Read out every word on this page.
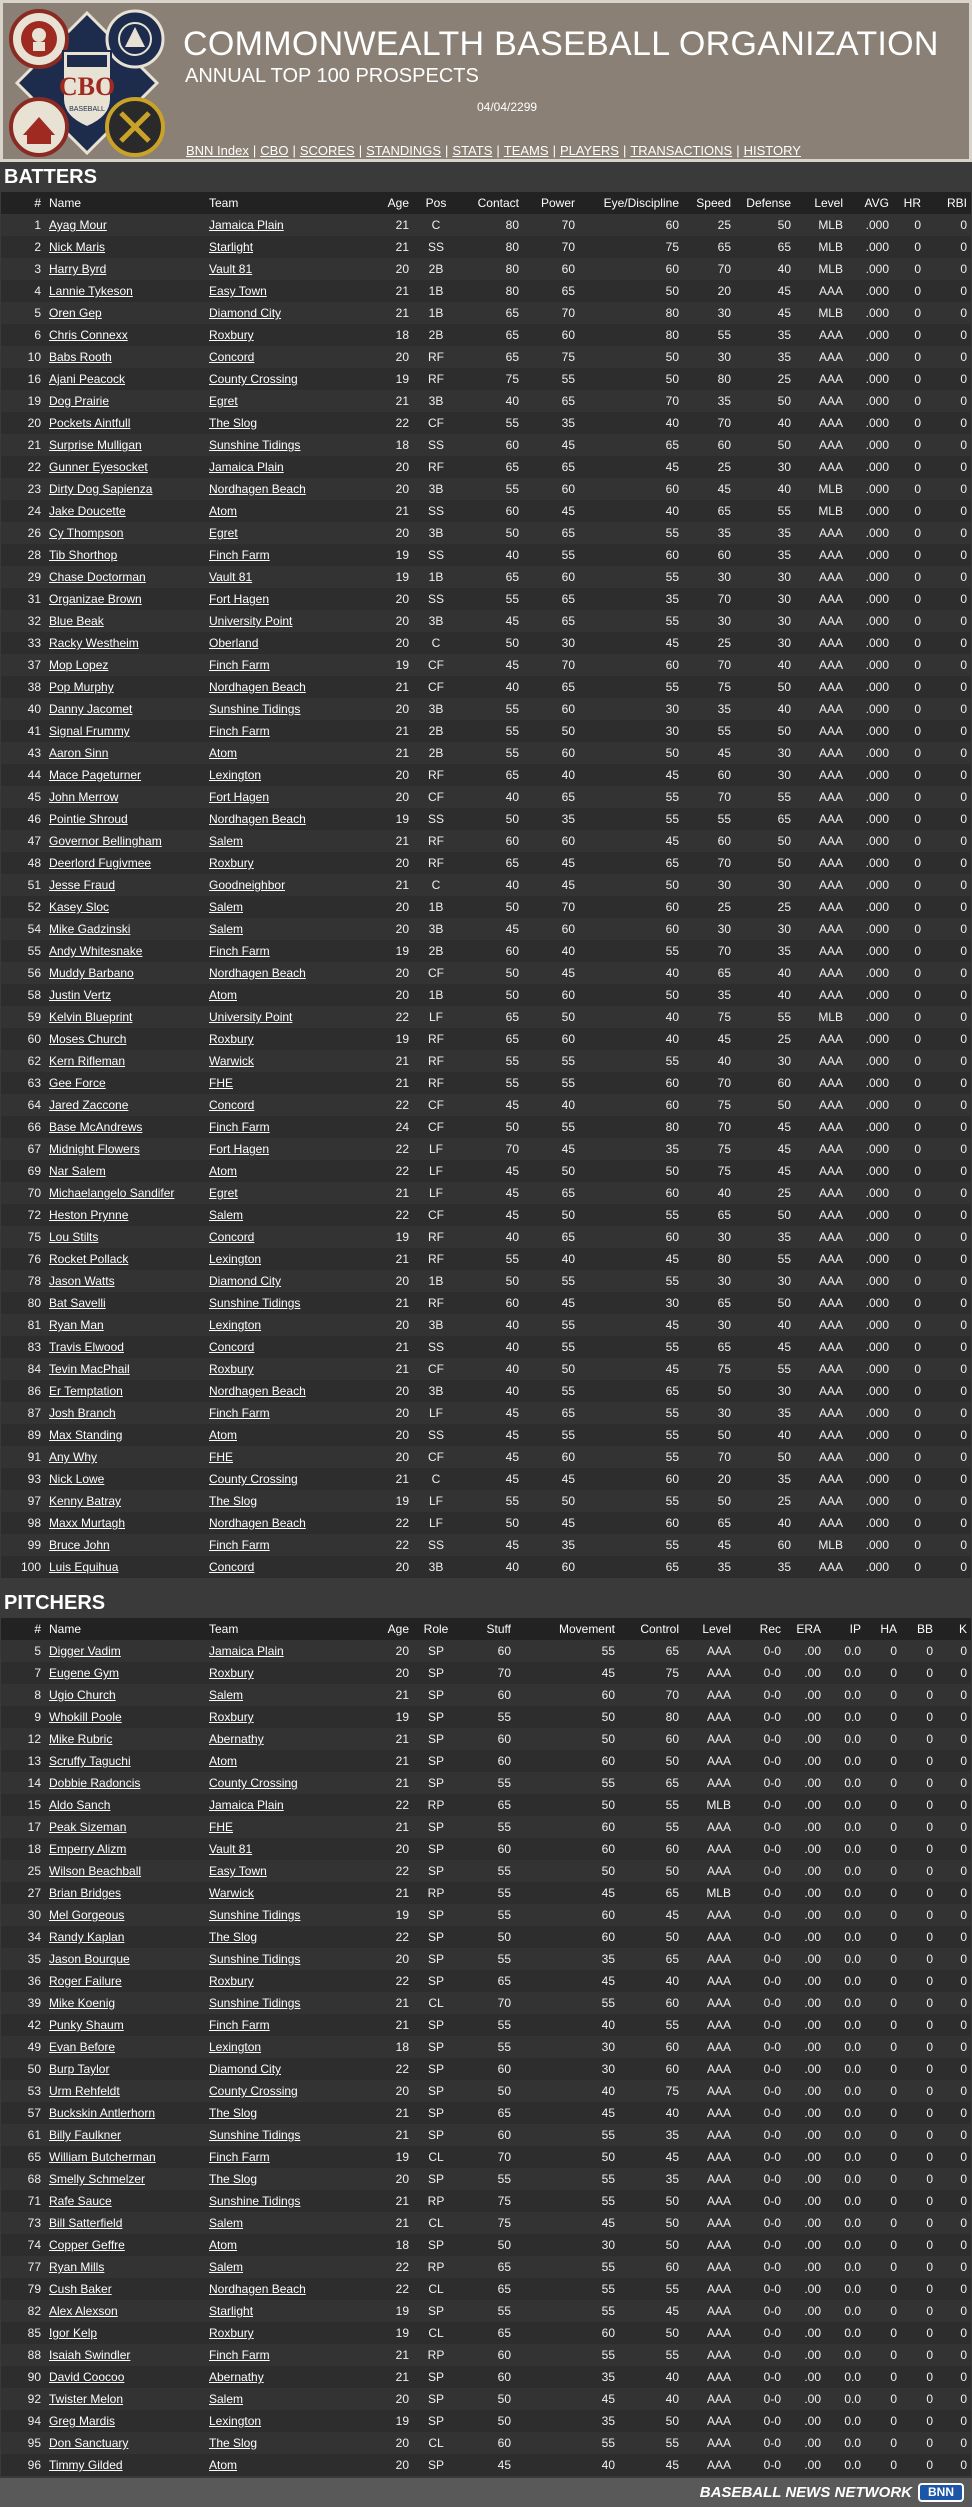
CBO
BASEBALL
COMMONWEALTH BASEBALL ORGANIZATION
ANNUAL TOP 100 PROSPECTS
04/04/2299
BNN Index | CBO | SCORES | STANDINGS | STATS | TEAMS | PLAYERS | TRANSACTIONS | HISTORY
BATTERS
#	Name	Team	Age	Pos	Contact	Power	Eye/Discipline	Speed	Defense	Level	AVG	HR	RBI
1	Ayag Mour	Jamaica Plain	21	C	80	70	60	25	50	MLB	.000	0	0
2	Nick Maris	Starlight	21	SS	80	70	75	65	65	MLB	.000	0	0
3	Harry Byrd	Vault 81	20	2B	80	60	60	70	40	MLB	.000	0	0
4	Lannie Tykeson	Easy Town	21	1B	80	65	50	20	45	AAA	.000	0	0
5	Oren Gep	Diamond City	21	1B	65	70	80	30	45	MLB	.000	0	0
6	Chris Connexx	Roxbury	18	2B	65	60	80	55	35	AAA	.000	0	0
10	Babs Rooth	Concord	20	RF	65	75	50	30	35	AAA	.000	0	0
16	Ajani Peacock	County Crossing	19	RF	75	55	50	80	25	AAA	.000	0	0
19	Dog Prairie	Egret	21	3B	40	65	70	35	50	AAA	.000	0	0
20	Pockets Aintfull	The Slog	22	CF	55	35	40	70	40	AAA	.000	0	0
21	Surprise Mulligan	Sunshine Tidings	18	SS	60	45	65	60	50	AAA	.000	0	0
22	Gunner Eyesocket	Jamaica Plain	20	RF	65	65	45	25	30	AAA	.000	0	0
23	Dirty Dog Sapienza	Nordhagen Beach	20	3B	55	60	60	45	40	MLB	.000	0	0
24	Jake Doucette	Atom	21	SS	60	45	40	65	55	MLB	.000	0	0
26	Cy Thompson	Egret	20	3B	50	65	55	35	35	AAA	.000	0	0
28	Tib Shorthop	Finch Farm	19	SS	40	55	60	60	35	AAA	.000	0	0
29	Chase Doctorman	Vault 81	19	1B	65	60	55	30	30	AAA	.000	0	0
31	Organizae Brown	Fort Hagen	20	SS	55	65	35	70	30	AAA	.000	0	0
32	Blue Beak	University Point	20	3B	45	65	55	30	30	AAA	.000	0	0
33	Racky Westheim	Oberland	20	C	50	30	45	25	30	AAA	.000	0	0
37	Mop Lopez	Finch Farm	19	CF	45	70	60	70	40	AAA	.000	0	0
38	Pop Murphy	Nordhagen Beach	21	CF	40	65	55	75	50	AAA	.000	0	0
40	Danny Jacomet	Sunshine Tidings	20	3B	55	60	30	35	40	AAA	.000	0	0
41	Signal Frummy	Finch Farm	21	2B	55	50	30	55	50	AAA	.000	0	0
43	Aaron Sinn	Atom	21	2B	55	60	50	45	30	AAA	.000	0	0
44	Mace Pageturner	Lexington	20	RF	65	40	45	60	30	AAA	.000	0	0
45	John Merrow	Fort Hagen	20	CF	40	65	55	70	55	AAA	.000	0	0
46	Pointie Shroud	Nordhagen Beach	19	SS	50	35	55	55	65	AAA	.000	0	0
47	Governor Bellingham	Salem	21	RF	60	60	45	60	50	AAA	.000	0	0
48	Deerlord Fugivmee	Roxbury	20	RF	65	45	65	70	50	AAA	.000	0	0
51	Jesse Fraud	Goodneighbor	21	C	40	45	50	30	30	AAA	.000	0	0
52	Kasey Sloc	Salem	20	1B	50	70	60	25	25	AAA	.000	0	0
54	Mike Gadzinski	Salem	20	3B	45	60	60	30	30	AAA	.000	0	0
55	Andy Whitesnake	Finch Farm	19	2B	60	40	55	70	35	AAA	.000	0	0
56	Muddy Barbano	Nordhagen Beach	20	CF	50	45	40	65	40	AAA	.000	0	0
58	Justin Vertz	Atom	20	1B	50	60	50	35	40	AAA	.000	0	0
59	Kelvin Blueprint	University Point	22	LF	65	50	40	75	55	MLB	.000	0	0
60	Moses Church	Roxbury	19	RF	65	60	40	45	25	AAA	.000	0	0
62	Kern Rifleman	Warwick	21	RF	55	55	55	40	30	AAA	.000	0	0
63	Gee Force	FHE	21	RF	55	55	60	70	60	AAA	.000	0	0
64	Jared Zaccone	Concord	22	CF	45	40	60	75	50	AAA	.000	0	0
66	Base McAndrews	Finch Farm	24	CF	50	55	80	70	45	AAA	.000	0	0
67	Midnight Flowers	Fort Hagen	22	LF	70	45	35	75	45	AAA	.000	0	0
69	Nar Salem	Atom	22	LF	45	50	50	75	45	AAA	.000	0	0
70	Michaelangelo Sandifer	Egret	21	LF	45	65	60	40	25	AAA	.000	0	0
72	Heston Prynne	Salem	22	CF	45	50	55	65	50	AAA	.000	0	0
75	Lou Stilts	Concord	19	RF	40	65	60	30	35	AAA	.000	0	0
76	Rocket Pollack	Lexington	21	RF	55	40	45	80	55	AAA	.000	0	0
78	Jason Watts	Diamond City	20	1B	50	55	55	30	30	AAA	.000	0	0
80	Bat Savelli	Sunshine Tidings	21	RF	60	45	30	65	50	AAA	.000	0	0
81	Ryan Man	Lexington	20	3B	40	55	45	30	40	AAA	.000	0	0
83	Travis Elwood	Concord	21	SS	40	55	55	65	45	AAA	.000	0	0
84	Tevin MacPhail	Roxbury	21	CF	40	50	45	75	55	AAA	.000	0	0
86	Er Temptation	Nordhagen Beach	20	3B	40	55	65	50	30	AAA	.000	0	0
87	Josh Branch	Finch Farm	20	LF	45	65	55	30	35	AAA	.000	0	0
89	Max Standing	Atom	20	SS	45	55	55	50	40	AAA	.000	0	0
91	Any Why	FHE	20	CF	45	60	55	70	50	AAA	.000	0	0
93	Nick Lowe	County Crossing	21	C	45	45	60	20	35	AAA	.000	0	0
97	Kenny Batray	The Slog	19	LF	55	50	55	50	25	AAA	.000	0	0
98	Maxx Murtagh	Nordhagen Beach	22	LF	50	45	60	65	40	AAA	.000	0	0
99	Bruce John	Finch Farm	22	SS	45	35	55	45	60	MLB	.000	0	0
100	Luis Equihua	Concord	20	3B	40	60	65	35	35	AAA	.000	0	0
PITCHERS
#	Name	Team	Age	Role	Stuff	Movement	Control	Level	Rec	ERA	IP	HA	BB	K
5	Digger Vadim	Jamaica Plain	20	SP	60	55	65	AAA	0-0	.00	0.0	0	0	0
7	Eugene Gym	Roxbury	20	SP	70	45	75	AAA	0-0	.00	0.0	0	0	0
8	Ugio Church	Salem	21	SP	60	60	70	AAA	0-0	.00	0.0	0	0	0
9	Whokill Poole	Roxbury	19	SP	55	50	80	AAA	0-0	.00	0.0	0	0	0
12	Mike Rubric	Abernathy	21	SP	60	50	60	AAA	0-0	.00	0.0	0	0	0
13	Scruffy Taguchi	Atom	21	SP	60	60	50	AAA	0-0	.00	0.0	0	0	0
14	Dobbie Radoncis	County Crossing	21	SP	55	55	65	AAA	0-0	.00	0.0	0	0	0
15	Aldo Sanch	Jamaica Plain	22	RP	65	50	55	MLB	0-0	.00	0.0	0	0	0
17	Peak Sizeman	FHE	21	SP	55	60	55	AAA	0-0	.00	0.0	0	0	0
18	Emperry Alizm	Vault 81	20	SP	60	60	60	AAA	0-0	.00	0.0	0	0	0
25	Wilson Beachball	Easy Town	22	SP	55	50	50	AAA	0-0	.00	0.0	0	0	0
27	Brian Bridges	Warwick	21	RP	55	45	65	MLB	0-0	.00	0.0	0	0	0
30	Mel Gorgeous	Sunshine Tidings	19	SP	55	60	45	AAA	0-0	.00	0.0	0	0	0
34	Randy Kaplan	The Slog	22	SP	50	60	50	AAA	0-0	.00	0.0	0	0	0
35	Jason Bourque	Sunshine Tidings	20	SP	55	35	65	AAA	0-0	.00	0.0	0	0	0
36	Roger Failure	Roxbury	22	SP	65	45	40	AAA	0-0	.00	0.0	0	0	0
39	Mike Koenig	Sunshine Tidings	21	CL	70	55	60	AAA	0-0	.00	0.0	0	0	0
42	Punky Shaum	Finch Farm	21	SP	55	40	55	AAA	0-0	.00	0.0	0	0	0
49	Evan Before	Lexington	18	SP	55	30	60	AAA	0-0	.00	0.0	0	0	0
50	Burp Taylor	Diamond City	22	SP	60	30	60	AAA	0-0	.00	0.0	0	0	0
53	Urm Rehfeldt	County Crossing	20	SP	50	40	75	AAA	0-0	.00	0.0	0	0	0
57	Buckskin Antlerhorn	The Slog	21	SP	65	45	40	AAA	0-0	.00	0.0	0	0	0
61	Billy Faulkner	Sunshine Tidings	21	SP	60	55	35	AAA	0-0	.00	0.0	0	0	0
65	William Butcherman	Finch Farm	19	CL	70	50	45	AAA	0-0	.00	0.0	0	0	0
68	Smelly Schmelzer	The Slog	20	SP	55	55	35	AAA	0-0	.00	0.0	0	0	0
71	Rafe Sauce	Sunshine Tidings	21	RP	75	55	50	AAA	0-0	.00	0.0	0	0	0
73	Bill Satterfield	Salem	21	CL	75	45	50	AAA	0-0	.00	0.0	0	0	0
74	Copper Geffre	Atom	18	SP	50	30	50	AAA	0-0	.00	0.0	0	0	0
77	Ryan Mills	Salem	22	RP	65	55	60	AAA	0-0	.00	0.0	0	0	0
79	Cush Baker	Nordhagen Beach	22	CL	65	55	55	AAA	0-0	.00	0.0	0	0	0
82	Alex Alexson	Starlight	19	SP	55	55	45	AAA	0-0	.00	0.0	0	0	0
85	Igor Kelp	Roxbury	19	CL	65	60	50	AAA	0-0	.00	0.0	0	0	0
88	Isaiah Swindler	Finch Farm	21	RP	60	55	55	AAA	0-0	.00	0.0	0	0	0
90	David Coocoo	Abernathy	21	SP	60	35	40	AAA	0-0	.00	0.0	0	0	0
92	Twister Melon	Salem	20	SP	50	45	40	AAA	0-0	.00	0.0	0	0	0
94	Greg Mardis	Lexington	19	SP	50	35	50	AAA	0-0	.00	0.0	0	0	0
95	Don Sanctuary	The Slog	20	CL	60	55	55	AAA	0-0	.00	0.0	0	0	0
96	Timmy Gilded	Atom	20	SP	45	40	45	AAA	0-0	.00	0.0	0	0	0
BASEBALL NEWS NETWORK	BNN
